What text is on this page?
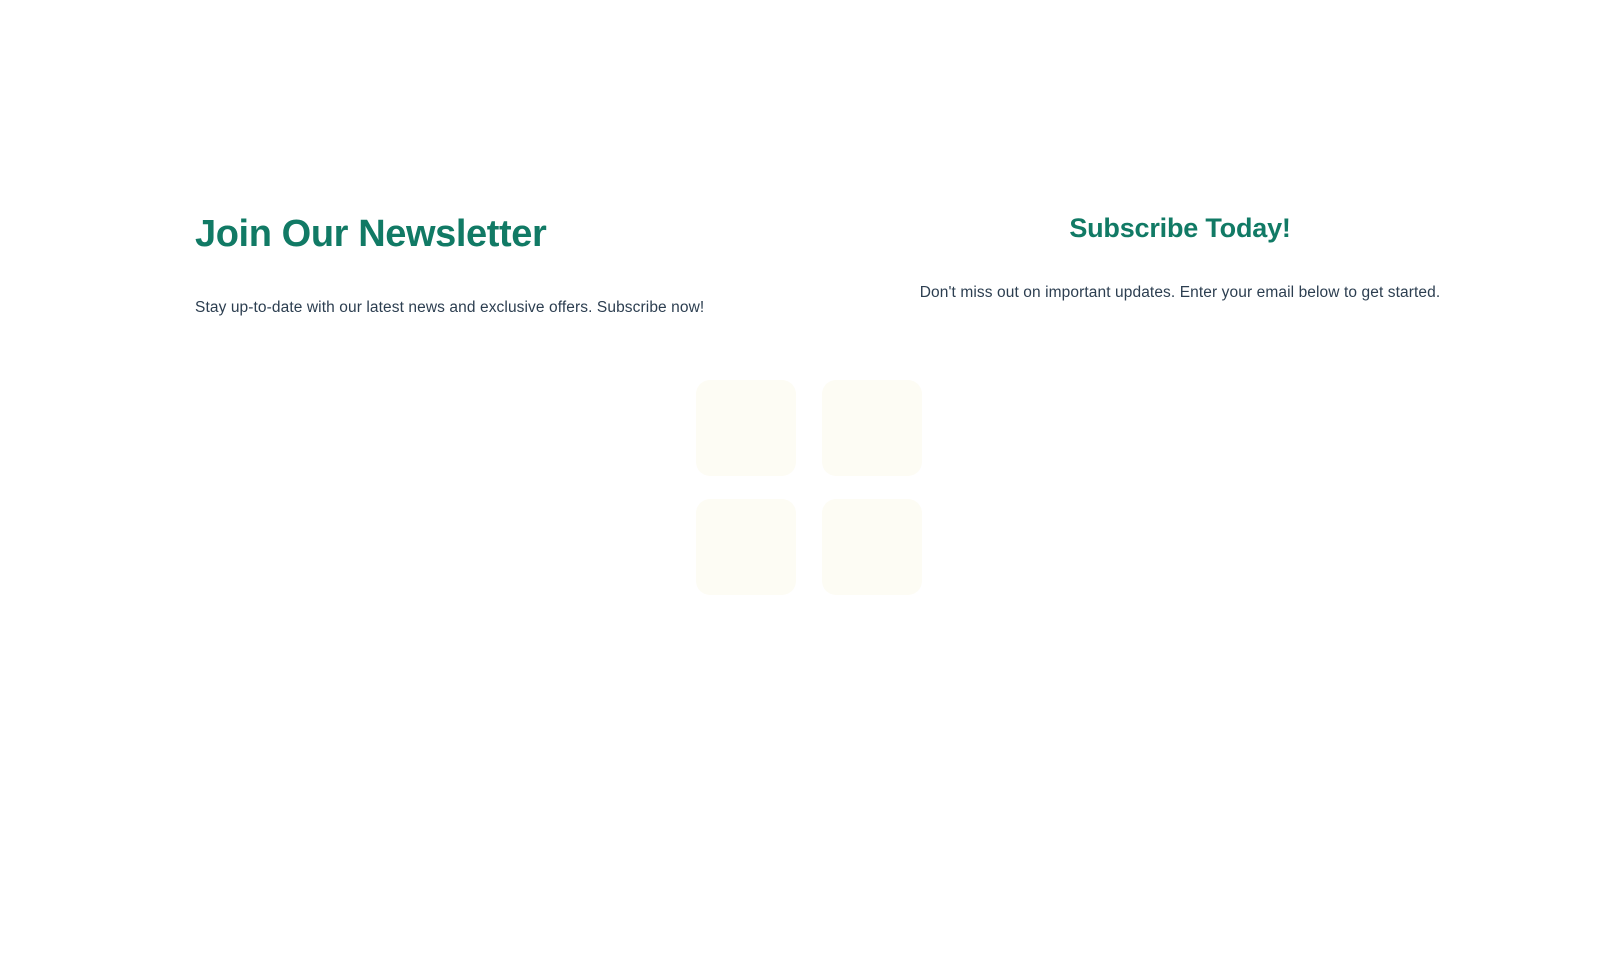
Join Our Newsletter

Stay up-to-date with our latest news and exclusive offers. Subscribe now!

Subscribe Today!

Don't miss out on important updates. Enter your email below to get started.
